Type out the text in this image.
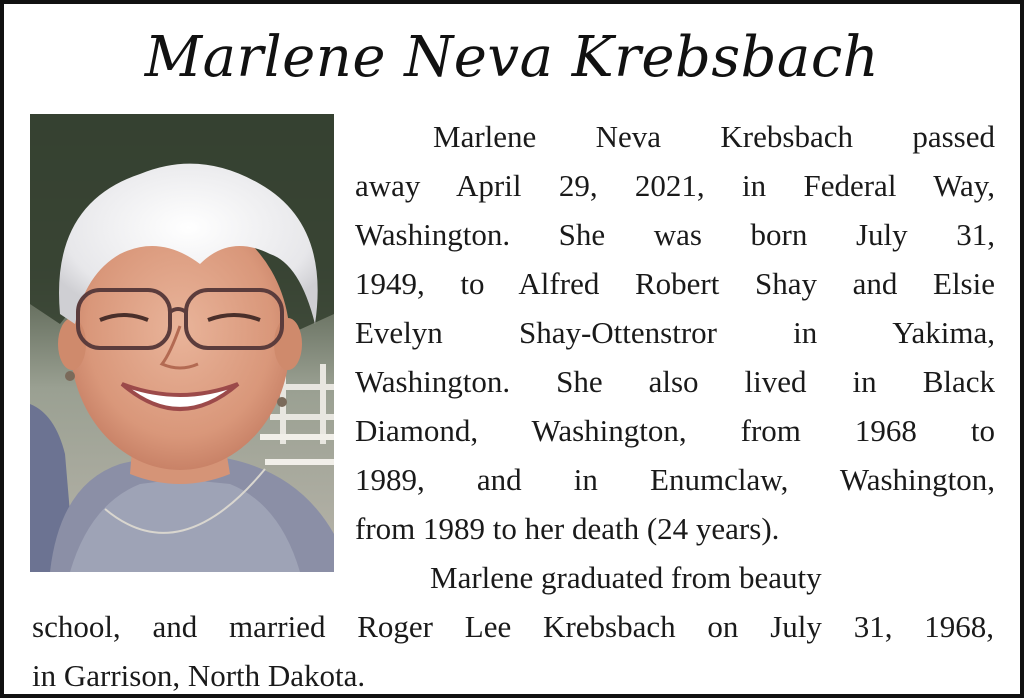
Marlene Neva Krebsbach
Marlene Neva Krebsbach passed
away April 29, 2021, in Federal Way,
Washington. She was born July 31,
1949, to Alfred Robert Shay and Elsie
Evelyn Shay-Ottenstror in Yakima,
Washington. She also lived in Black
Diamond, Washington, from 1968 to
1989, and in Enumclaw, Washington,
from 1989 to her death (24 years).
Marlene graduated from beauty
school, and married Roger Lee Krebsbach on July 31, 1968,
in Garrison, North Dakota.
